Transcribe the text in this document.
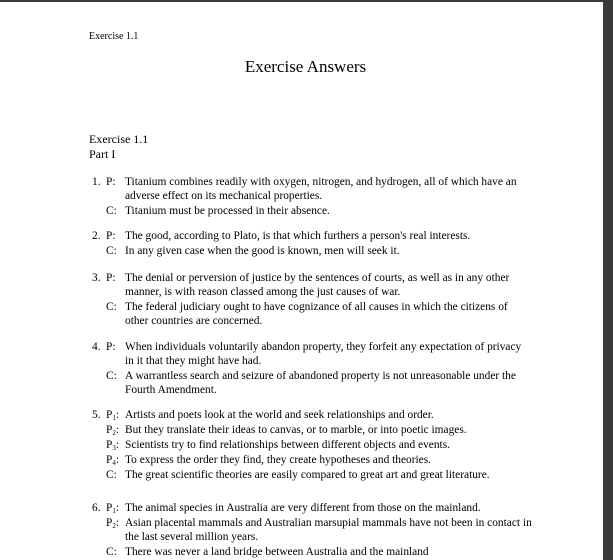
Exercise 1.1
Exercise Answers
Exercise 1.1
Part I
1. P: Titanium combines readily with oxygen, nitrogen, and hydrogen, all of which have an adverse effect on its mechanical properties.
C: Titanium must be processed in their absence.
2. P: The good, according to Plato, is that which furthers a person's real interests.
C: In any given case when the good is known, men will seek it.
3. P: The denial or perversion of justice by the sentences of courts, as well as in any other manner, is with reason classed among the just causes of war.
C: The federal judiciary ought to have cognizance of all causes in which the citizens of other countries are concerned.
4. P: When individuals voluntarily abandon property, they forfeit any expectation of privacy in it that they might have had.
C: A warrantless search and seizure of abandoned property is not unreasonable under the Fourth Amendment.
5. $P_1$: Artists and poets look at the world and seek relationships and order.
$P_2$: But they translate their ideas to canvas, or to marble, or into poetic images.
$P_3$: Scientists try to find relationships between different objects and events.
$P_4$: To express the order they find, they create hypotheses and theories.
C: The great scientific theories are easily compared to great art and great literature.
6. $P_1$: The animal species in Australia are very different from those on the mainland.
$P_2$: Asian placental mammals and Australian marsupial mammals have not been in contact in the last several million years.
C: There was never a land bridge between Australia and the mainland
